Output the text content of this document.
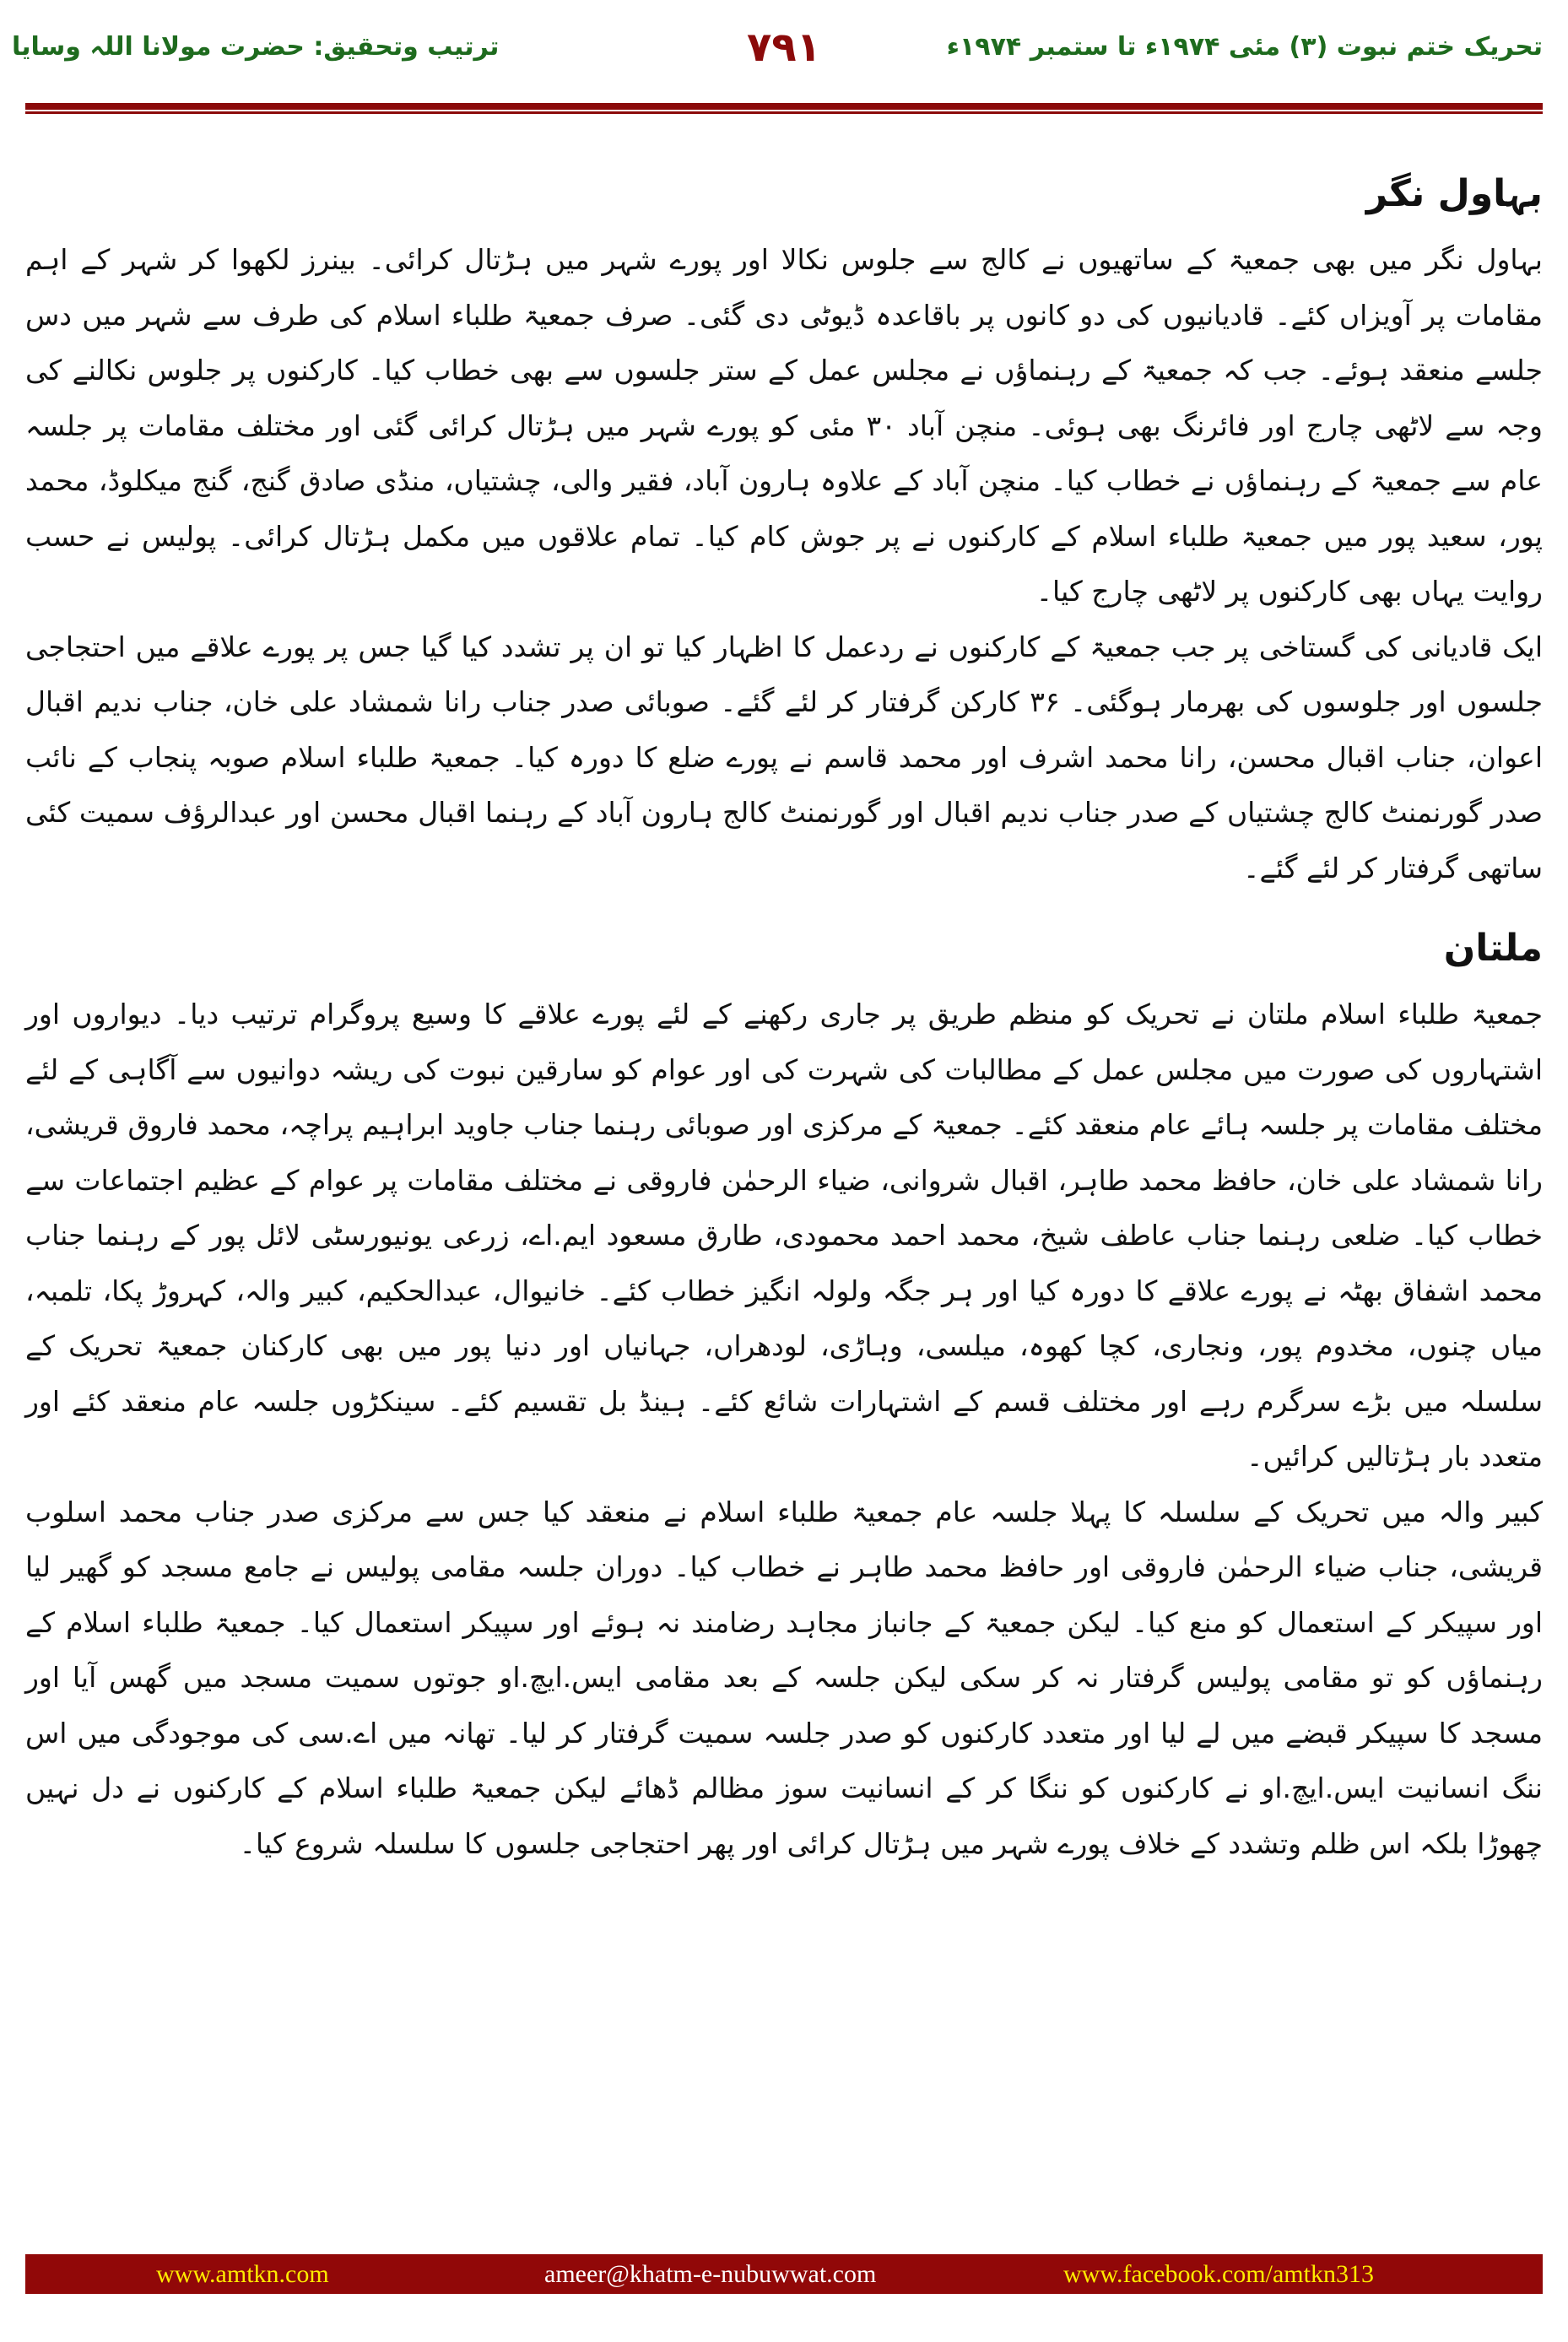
تحریک ختم نبوت (۳) مئی ۱۹۷۴ء تا ستمبر ۱۹۷۴ء
۷۹۱
ترتیب وتحقیق: حضرت مولانا اللہ وسایا
بہاول نگر

بہاول نگر میں بھی جمعیۃ کے ساتھیوں نے کالج سے جلوس نکالا اور پورے شہر میں ہڑتال کرائی۔ بینرز لکھوا کر شہر کے اہم مقامات پر آویزاں کئے۔ قادیانیوں کی دو کانوں پر باقاعدہ ڈیوٹی دی گئی۔ صرف جمعیۃ طلباء اسلام کی طرف سے شہر میں دس جلسے منعقد ہوئے۔ جب کہ جمعیۃ کے رہنماؤں نے مجلس عمل کے ستر جلسوں سے بھی خطاب کیا۔ کارکنوں پر جلوس نکالنے کی وجہ سے لاٹھی چارج اور فائرنگ بھی ہوئی۔ منچن آباد ۳۰ مئی کو پورے شہر میں ہڑتال کرائی گئی اور مختلف مقامات پر جلسہ عام سے جمعیۃ کے رہنماؤں نے خطاب کیا۔ منچن آباد کے علاوہ ہارون آباد، فقیر والی، چشتیاں، منڈی صادق گنج، گنج میکلوڈ، محمد پور، سعید پور میں جمعیۃ طلباء اسلام کے کارکنوں نے پر جوش کام کیا۔ تمام علاقوں میں مکمل ہڑتال کرائی۔ پولیس نے حسب روایت یہاں بھی کارکنوں پر لاٹھی چارج کیا۔

ایک قادیانی کی گستاخی پر جب جمعیۃ کے کارکنوں نے ردعمل کا اظہار کیا تو ان پر تشدد کیا گیا جس پر پورے علاقے میں احتجاجی جلسوں اور جلوسوں کی بھرمار ہوگئی۔ ۳۶ کارکن گرفتار کر لئے گئے۔ صوبائی صدر جناب رانا شمشاد علی خان، جناب ندیم اقبال اعوان، جناب اقبال محسن، رانا محمد اشرف اور محمد قاسم نے پورے ضلع کا دورہ کیا۔ جمعیۃ طلباء اسلام صوبہ پنجاب کے نائب صدر گورنمنٹ کالج چشتیاں کے صدر جناب ندیم اقبال اور گورنمنٹ کالج ہارون آباد کے رہنما اقبال محسن اور عبدالرؤف سمیت کئی ساتھی گرفتار کر لئے گئے۔

ملتان

جمعیۃ طلباء اسلام ملتان نے تحریک کو منظم طریق پر جاری رکھنے کے لئے پورے علاقے کا وسیع پروگرام ترتیب دیا۔ دیواروں اور اشتہاروں کی صورت میں مجلس عمل کے مطالبات کی شہرت کی اور عوام کو سارقین نبوت کی ریشہ دوانیوں سے آگاہی کے لئے مختلف مقامات پر جلسہ ہائے عام منعقد کئے۔ جمعیۃ کے مرکزی اور صوبائی رہنما جناب جاوید ابراہیم پراچہ، محمد فاروق قریشی، رانا شمشاد علی خان، حافظ محمد طاہر، اقبال شروانی، ضیاء الرحمٰن فاروقی نے مختلف مقامات پر عوام کے عظیم اجتماعات سے خطاب کیا۔ ضلعی رہنما جناب عاطف شیخ، محمد احمد محمودی، طارق مسعود ایم.اے، زرعی یونیورسٹی لائل پور کے رہنما جناب محمد اشفاق بھٹہ نے پورے علاقے کا دورہ کیا اور ہر جگہ ولولہ انگیز خطاب کئے۔ خانیوال، عبدالحکیم، کبیر والہ، کہروڑ پکا، تلمبہ، میاں چنوں، مخدوم پور، ونجاری، کچا کھوہ، میلسی، وہاڑی، لودھراں، جہانیاں اور دنیا پور میں بھی کارکنان جمعیۃ تحریک کے سلسلہ میں بڑے سرگرم رہے اور مختلف قسم کے اشتہارات شائع کئے۔ ہینڈ بل تقسیم کئے۔ سینکڑوں جلسہ عام منعقد کئے اور متعدد بار ہڑتالیں کرائیں۔

کبیر والہ میں تحریک کے سلسلہ کا پہلا جلسہ عام جمعیۃ طلباء اسلام نے منعقد کیا جس سے مرکزی صدر جناب محمد اسلوب قریشی، جناب ضیاء الرحمٰن فاروقی اور حافظ محمد طاہر نے خطاب کیا۔ دوران جلسہ مقامی پولیس نے جامع مسجد کو گھیر لیا اور سپیکر کے استعمال کو منع کیا۔ لیکن جمعیۃ کے جانباز مجاہد رضامند نہ ہوئے اور سپیکر استعمال کیا۔ جمعیۃ طلباء اسلام کے رہنماؤں کو تو مقامی پولیس گرفتار نہ کر سکی لیکن جلسہ کے بعد مقامی ایس.ایچ.او جوتوں سمیت مسجد میں گھس آیا اور مسجد کا سپیکر قبضے میں لے لیا اور متعدد کارکنوں کو صدر جلسہ سمیت گرفتار کر لیا۔ تھانہ میں اے.سی کی موجودگی میں اس ننگ انسانیت ایس.ایچ.او نے کارکنوں کو ننگا کر کے انسانیت سوز مظالم ڈھائے لیکن جمعیۃ طلباء اسلام کے کارکنوں نے دل نہیں چھوڑا بلکہ اس ظلم وتشدد کے خلاف پورے شہر میں ہڑتال کرائی اور پھر احتجاجی جلسوں کا سلسلہ شروع کیا۔

www.amtkn.com	ameer@khatm-e-nubuwwat.com	www.facebook.com/amtkn313
